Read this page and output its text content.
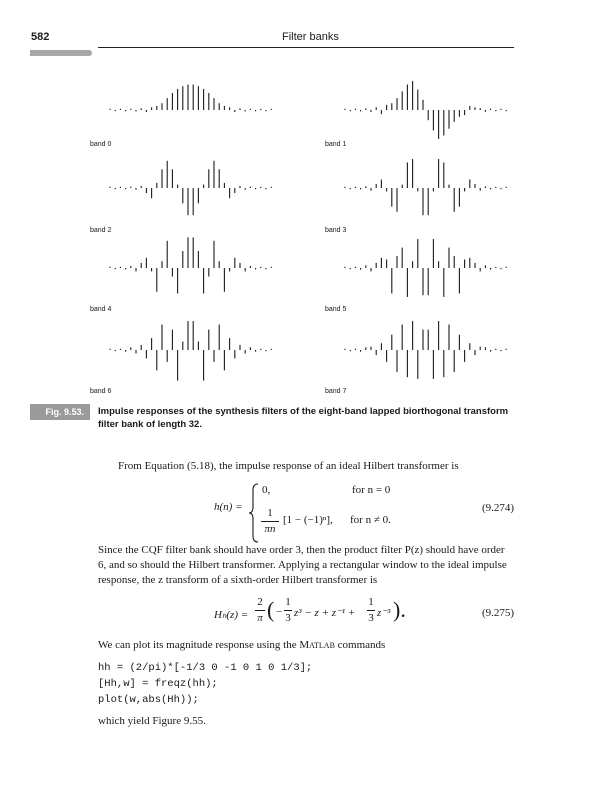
582	Filter banks
band 0	band 1
band 2	band 3
band 4	band 5
band 6	band 7
Fig. 9.53.	Impulse responses of the synthesis filters of the eight-band lapped biorthogonal transform filter bank of length 32.
From Equation (5.18), the impulse response of an ideal Hilbert transformer is
h(n) =
0,	for n = 0
1
πn
[1 − (−1)ⁿ], for n ≠ 0.
(9.274)
Since the CQF filter bank should have order 3, then the product filter P(z) should have order 6, and so should the Hilbert transformer. Applying a rectangular window to the ideal impulse response, the z transform of a sixth-order Hilbert transformer is
Hₕ(z) =
2
π ( −
1
3 z³ − z + z⁻¹ +
1
3 z⁻³ ).	(9.275)
We can plot its magnitude response using the Matlab commands
hh = (2/pi)*[-1/3 0 -1 0 1 0 1/3];
[Hh,w] = freqz(hh);
plot(w,abs(Hh));
which yield Figure 9.55.
